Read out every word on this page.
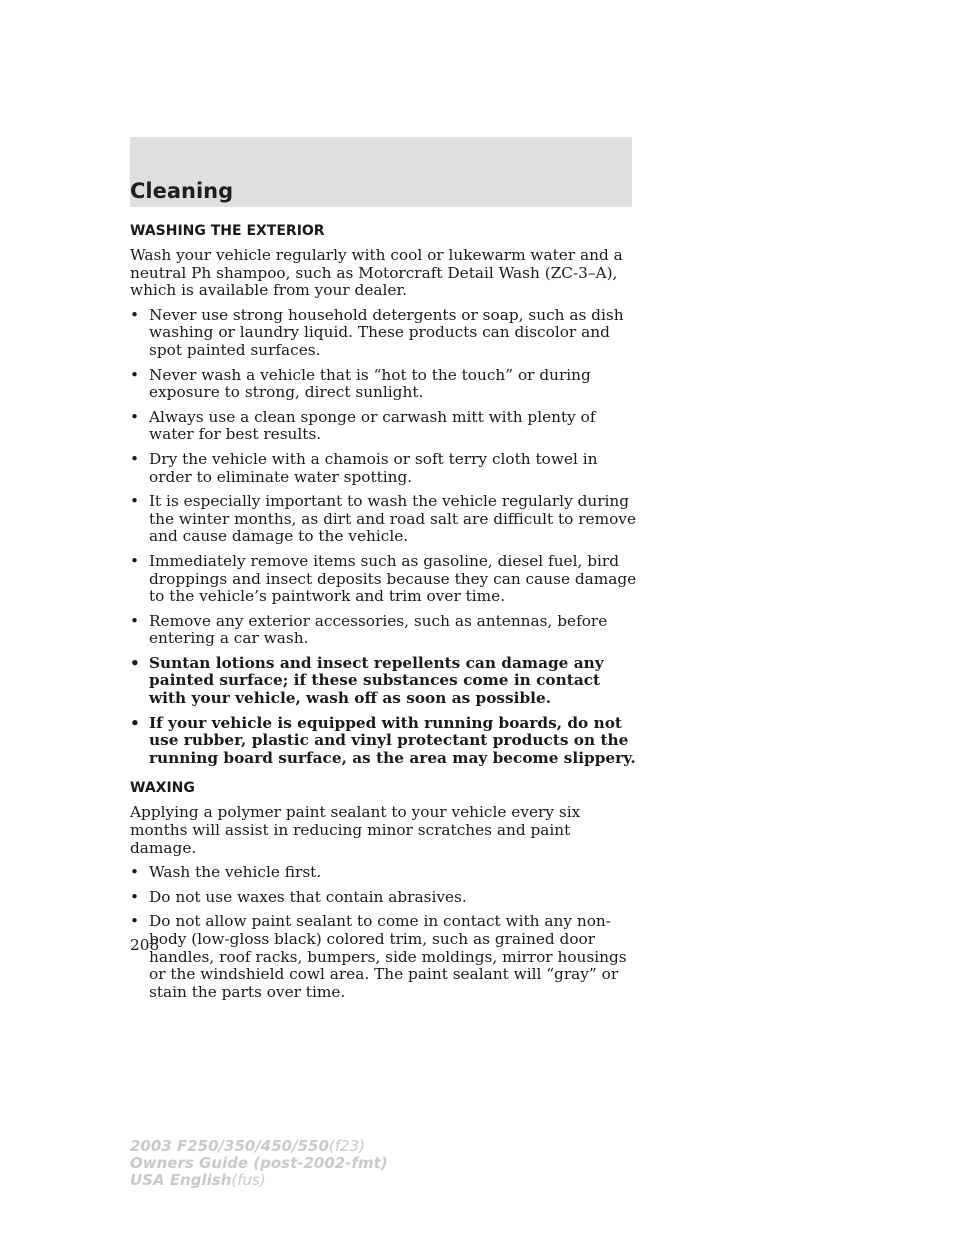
Cleaning
WASHING THE EXTERIOR

Wash your vehicle regularly with cool or lukewarm water and a neutral Ph shampoo, such as Motorcraft Detail Wash (ZC-3–A), which is available from your dealer.

• Never use strong household detergents or soap, such as dish washing or laundry liquid. These products can discolor and spot painted surfaces.
• Never wash a vehicle that is “hot to the touch” or during exposure to strong, direct sunlight.
• Always use a clean sponge or carwash mitt with plenty of water for best results.
• Dry the vehicle with a chamois or soft terry cloth towel in order to eliminate water spotting.
• It is especially important to wash the vehicle regularly during the winter months, as dirt and road salt are difficult to remove and cause damage to the vehicle.
• Immediately remove items such as gasoline, diesel fuel, bird droppings and insect deposits because they can cause damage to the vehicle’s paintwork and trim over time.
• Remove any exterior accessories, such as antennas, before entering a car wash.
• Suntan lotions and insect repellents can damage any painted surface; if these substances come in contact with your vehicle, wash off as soon as possible.
• If your vehicle is equipped with running boards, do not use rubber, plastic and vinyl protectant products on the running board surface, as the area may become slippery.
WAXING

Applying a polymer paint sealant to your vehicle every six months will assist in reducing minor scratches and paint damage.

• Wash the vehicle first.
• Do not use waxes that contain abrasives.
• Do not allow paint sealant to come in contact with any non-body (low-gloss black) colored trim, such as grained door handles, roof racks, bumpers, side moldings, mirror housings or the windshield cowl area. The paint sealant will “gray” or stain the parts over time.
208
2003 F250/350/450/550(f23)
Owners Guide (post-2002-fmt)
USA English(fus)
